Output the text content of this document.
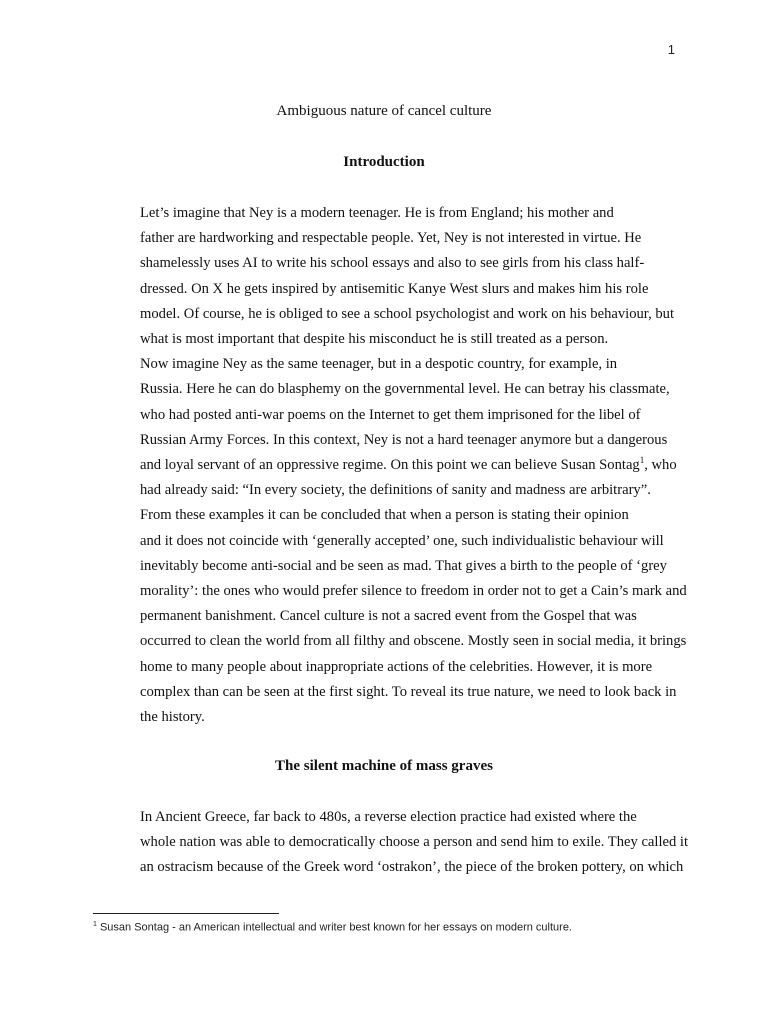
1
Ambiguous nature of cancel culture
Introduction

Let’s imagine that Ney is a modern teenager. He is from England; his mother and
father are hardworking and respectable people. Yet, Ney is not interested in virtue. He
shamelessly uses AI to write his school essays and also to see girls from his class half-
dressed. On X he gets inspired by antisemitic Kanye West slurs and makes him his role
model. Of course, he is obliged to see a school psychologist and work on his behaviour, but
what is most important that despite his misconduct he is still treated as a person.

Now imagine Ney as the same teenager, but in a despotic country, for example, in
Russia. Here he can do blasphemy on the governmental level. He can betray his classmate,
who had posted anti-war poems on the Internet to get them imprisoned for the libel of
Russian Army Forces. In this context, Ney is not a hard teenager anymore but a dangerous
and loyal servant of an oppressive regime. On this point we can believe Susan Sontag$^1$, who
had already said: “In every society, the definitions of sanity and madness are arbitrary”.

From these examples it can be concluded that when a person is stating their opinion
and it does not coincide with ‘generally accepted’ one, such individualistic behaviour will
inevitably become anti-social and be seen as mad. That gives a birth to the people of ‘grey
morality’: the ones who would prefer silence to freedom in order not to get a Cain’s mark and
permanent banishment. Cancel culture is not a sacred event from the Gospel that was
occurred to clean the world from all filthy and obscene. Mostly seen in social media, it brings
home to many people about inappropriate actions of the celebrities. However, it is more
complex than can be seen at the first sight. To reveal its true nature, we need to look back in
the history.

The silent machine of mass graves

In Ancient Greece, far back to 480s, a reverse election practice had existed where the
whole nation was able to democratically choose a person and send him to exile. They called it
an ostracism because of the Greek word ‘ostrakon’, the piece of the broken pottery, on which

$^1$ Susan Sontag - an American intellectual and writer best known for her essays on modern culture.
